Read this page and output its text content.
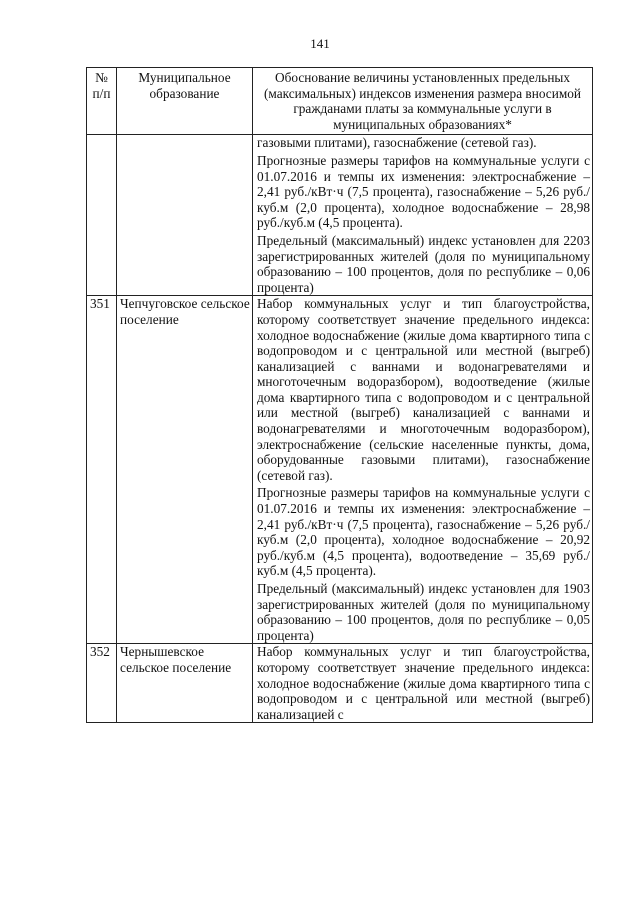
141
№ п/п	Муниципальное образование	Обоснование величины установленных предельных (максимальных) индексов изменения размера вносимой гражданами платы за коммунальные услуги в муниципальных образованиях*

		газовыми плитами), газоснабжение (сетевой газ).
Прогнозные размеры тарифов на коммунальные услуги с 01.07.2016 и темпы их изменения: электроснабжение – 2,41 руб./кВт·ч (7,5 процента), газоснабжение – 5,26 руб./куб.м (2,0 процента), холодное водоснабжение – 28,98 руб./куб.м (4,5 процента).
Предельный (максимальный) индекс установлен для 2203 зарегистрированных жителей (доля по муниципальному образованию – 100 процентов, доля по республике – 0,06 процента)

351	Чепчуговское сельское поселение	Набор коммунальных услуг и тип благоустройства, которому соответствует значение предельного индекса: холодное водоснабжение (жилые дома квартирного типа с водопроводом и с центральной или местной (выгреб) канализацией с ваннами и водонагревателями и многоточечным водоразбором), водоотведение (жилые дома квартирного типа с водопроводом и с центральной или местной (выгреб) канализацией с ваннами и водонагревателями и многоточечным водоразбором), электроснабжение (сельские населенные пункты, дома, оборудованные газовыми плитами), газоснабжение (сетевой газ).
Прогнозные размеры тарифов на коммунальные услуги с 01.07.2016 и темпы их изменения: электроснабжение – 2,41 руб./кВт·ч (7,5 процента), газоснабжение – 5,26 руб./куб.м (2,0 процента), холодное водоснабжение – 20,92 руб./куб.м (4,5 процента), водоотведение – 35,69 руб./куб.м (4,5 процента).
Предельный (максимальный) индекс установлен для 1903 зарегистрированных жителей (доля по муниципальному образованию – 100 процентов, доля по республике – 0,05 процента)

352	Чернышевское сельское поселение	Набор коммунальных услуг и тип благоустройства, которому соответствует значение предельного индекса: холодное водоснабжение (жилые дома квартирного типа с водопроводом и с центральной или местной (выгреб) канализацией с
